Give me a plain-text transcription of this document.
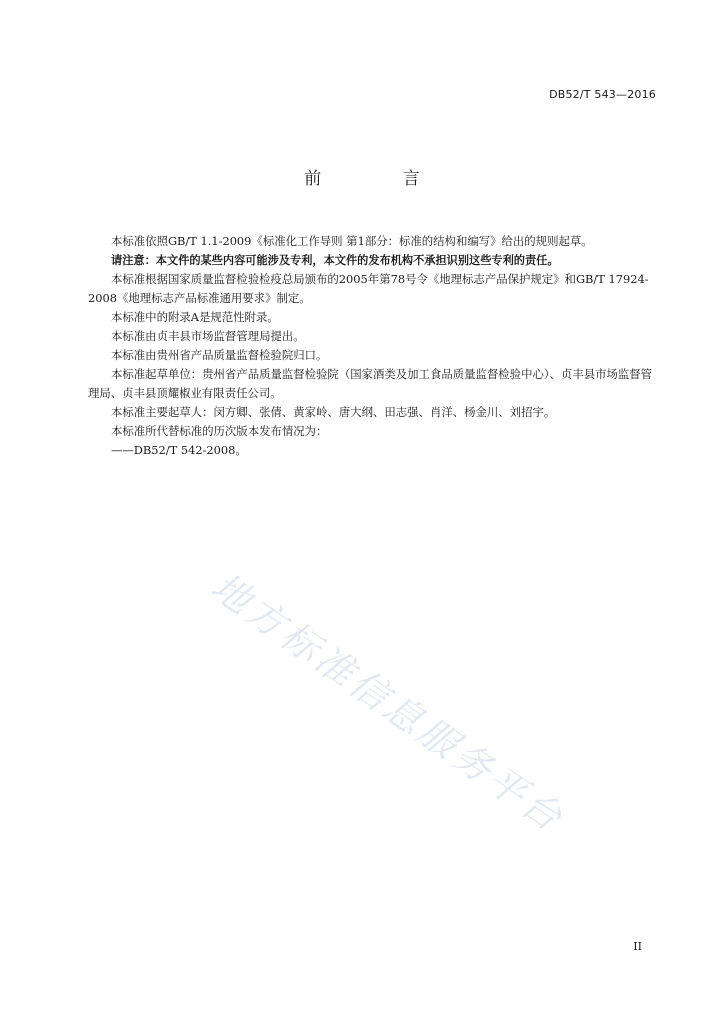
DB52/T 543—2016
前 言

本标准依照GB/T 1.1-2009《标准化工作导则 第1部分：标准的结构和编写》给出的规则起草。

请注意：本文件的某些内容可能涉及专利，本文件的发布机构不承担识别这些专利的责任。

本标准根据国家质量监督检验检疫总局颁布的2005年第78号令《地理标志产品保护规定》和GB/T 17924-2008《地理标志产品标准通用要求》制定。

本标准中的附录A是规范性附录。

本标准由贞丰县市场监督管理局提出。

本标准由贵州省产品质量监督检验院归口。

本标准起草单位：贵州省产品质量监督检验院（国家酒类及加工食品质量监督检验中心）、贞丰县市场监督管理局、贞丰县顶耀椒业有限责任公司。

本标准主要起草人：闵方卿、张倩、黄家岭、唐大纲、田志强、肖洋、杨金川、刘招宇。

本标准所代替标准的历次版本发布情况为：

——DB52/T 542-2008。

地方标准信息服务平台
II
